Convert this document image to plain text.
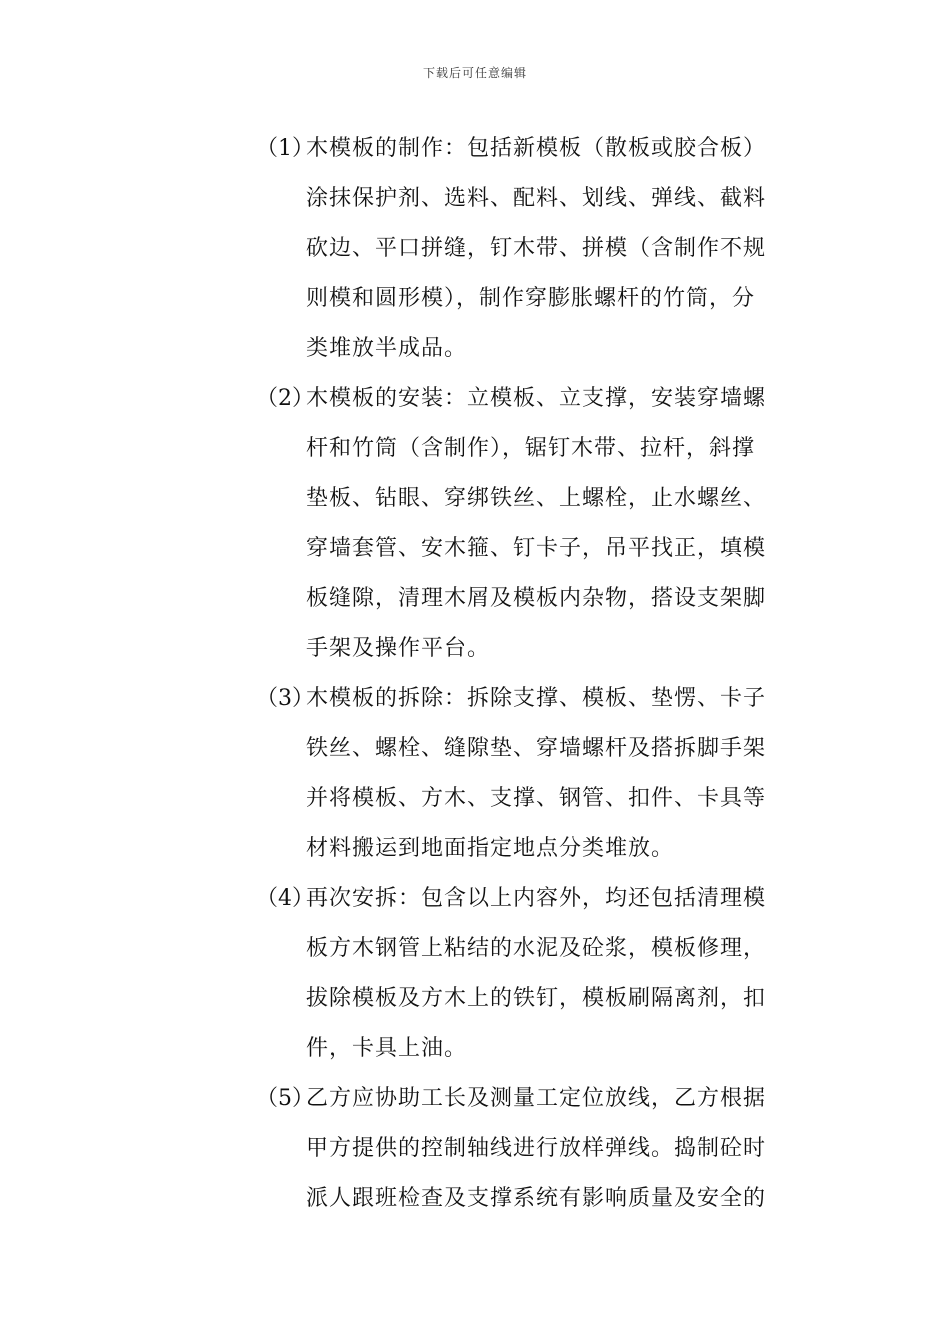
下载后可任意编辑
（1）
木模板的制作：包括新模板（散板或胶合板）
涂抹保护剂、选料、配料、划线、弹线、截料
砍边、平口拼缝，钉木带、拼模（含制作不规
则模和圆形模），制作穿膨胀螺杆的竹筒，分
类堆放半成品。
（2）
木模板的安装：立模板、立支撑，安装穿墙螺
杆和竹筒（含制作），锯钉木带、拉杆，斜撑
垫板、钻眼、穿绑铁丝、上螺栓，止水螺丝、
穿墙套管、安木箍、钉卡子，吊平找正，填模
板缝隙，清理木屑及模板内杂物，搭设支架脚
手架及操作平台。
（3）
木模板的拆除：拆除支撑、模板、垫愣、卡子
铁丝、螺栓、缝隙垫、穿墙螺杆及搭拆脚手架
并将模板、方木、支撑、钢管、扣件、卡具等
材料搬运到地面指定地点分类堆放。
（4）
再次安拆：包含以上内容外，均还包括清理模
板方木钢管上粘结的水泥及砼浆，模板修理，
拔除模板及方木上的铁钉，模板刷隔离剂，扣
件，卡具上油。
（5）
乙方应协助工长及测量工定位放线，乙方根据
甲方提供的控制轴线进行放样弹线。捣制砼时
派人跟班检查及支撑系统有影响质量及安全的
